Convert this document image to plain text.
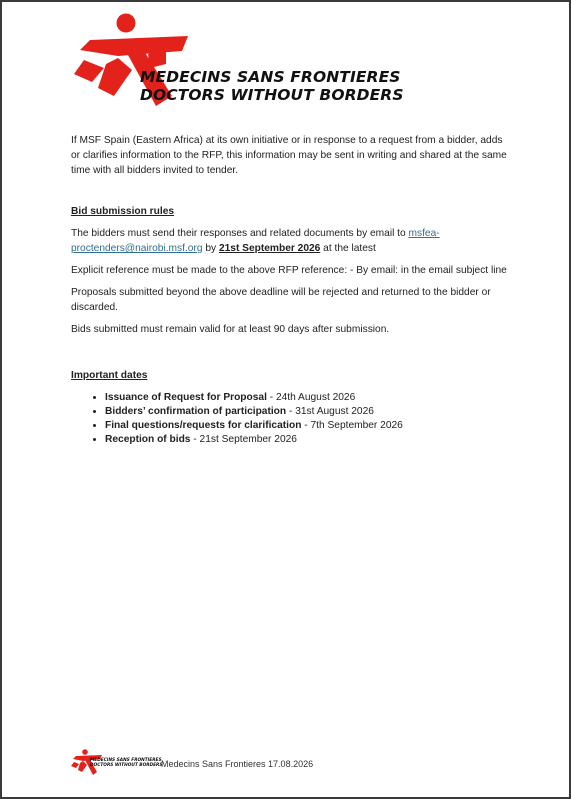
MEDECINS SANS FRONTIERES
DOCTORS WITHOUT BORDERS

If MSF Spain (Eastern Africa) at its own initiative or in response to a request from a bidder, adds or clarifies information to the RFP, this information may be sent in writing and shared at the same time with all bidders invited to tender.

Bid submission rules

The bidders must send their responses and related documents by email to msfea-proctenders@nairobi.msf.org by 21st September 2026 at the latest

Explicit reference must be made to the above RFP reference: - By email: in the email subject line

Proposals submitted beyond the above deadline will be rejected and returned to the bidder or discarded.

Bids submitted must remain valid for at least 90 days after submission.

Important dates

• Issuance of Request for Proposal - 24th August 2026
• Bidders’ confirmation of participation - 31st August 2026
• Final questions/requests for clarification - 7th September 2026
• Reception of bids - 21st September 2026
MEDECINS SANS FRONTIERES
DOCTORS WITHOUT BORDERS
Medecins Sans Frontieres 17.08.2026
